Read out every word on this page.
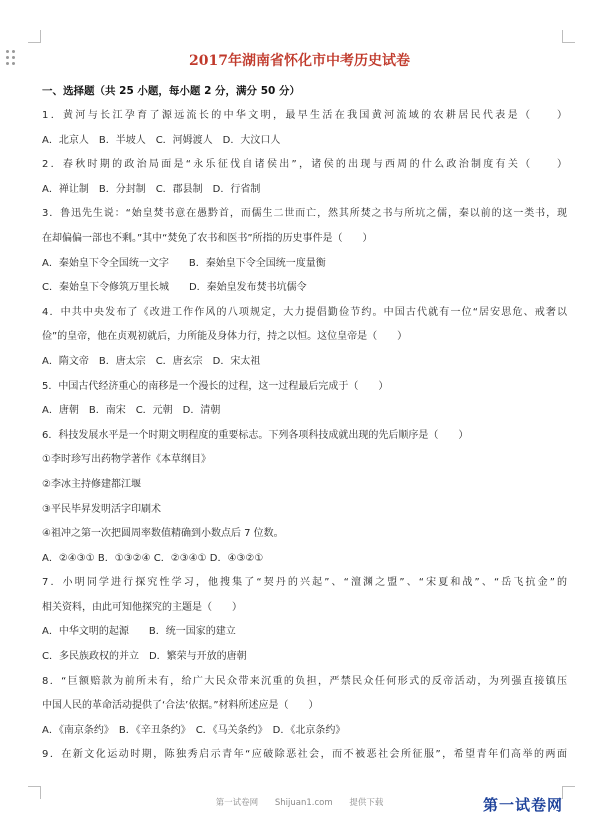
2017年湖南省怀化市中考历史试卷
一、选择题（共 25 小题，每小题 2 分，满分 50 分）
1．黄河与长江孕育了源远流长的中华文明，最早生活在我国黄河流域的农耕居民代表是（　　）
A．北京人　B．半坡人　C．河姆渡人　D．大汶口人
2．春秋时期的政治局面是“永乐征伐自诸侯出”，诸侯的出现与西周的什么政治制度有关（　　）
A．禅让制　B．分封制　C．郡县制　D．行省制
3．鲁迅先生说：“始皇焚书意在愚黔首，而儒生二世而亡，然其所焚之书与所坑之儒，秦以前的这一类书，现
在却偏偏一部也不剩。”其中“焚免了农书和医书”所指的历史事件是（　　）
A．秦始皇下令全国统一文字　　B．秦始皇下令全国统一度量衡
C．秦始皇下令修筑万里长城　　D．秦始皇发布焚书坑儒令
4．中共中央发布了《改进工作作风的八项规定，大力提倡勤俭节约。中国古代就有一位“居安思危、戒奢以
俭”的皇帝，他在贞观初就后，力所能及身体力行，持之以恒。这位皇帝是（　　）
A．隋文帝　B．唐太宗　C．唐玄宗　D．宋太祖
5．中国古代经济重心的南移是一个漫长的过程，这一过程最后完成于（　　）
A．唐朝　B．南宋　C．元朝　D．清朝
6．科技发展水平是一个时期文明程度的重要标志。下列各项科技成就出现的先后顺序是（　　）
①李时珍写出药物学著作《本草纲目》
②李冰主持修建都江堰
③平民毕昇发明活字印刷术
④祖冲之第一次把圆周率数值精确到小数点后 7 位数。
A．②④③① B．①③②④ C．②③④① D．④③②①
7．小明同学进行探究性学习，他搜集了“契丹的兴起”、“澶渊之盟”、“宋夏和战”、“岳飞抗金”的
相关资料，由此可知他探究的主题是（　　）
A．中华文明的起源　　B．统一国家的建立
C．多民族政权的并立　D．繁荣与开放的唐朝
8．“巨额赔款为前所未有，给广大民众带来沉重的负担，严禁民众任何形式的反帝活动，为列强直接镇压
中国人民的革命活动提供了‘合法’依据。”材料所述应是（　　）
A．《南京条约》　B．《辛丑条约》　C．《马关条约》　D．《北京条约》
9．在新文化运动时期，陈独秀启示青年“应破除恶社会，而不被恶社会所征服”，希望青年们高举的两面
第一试卷网 Shijuan1.com 提供下载	第一试卷网
